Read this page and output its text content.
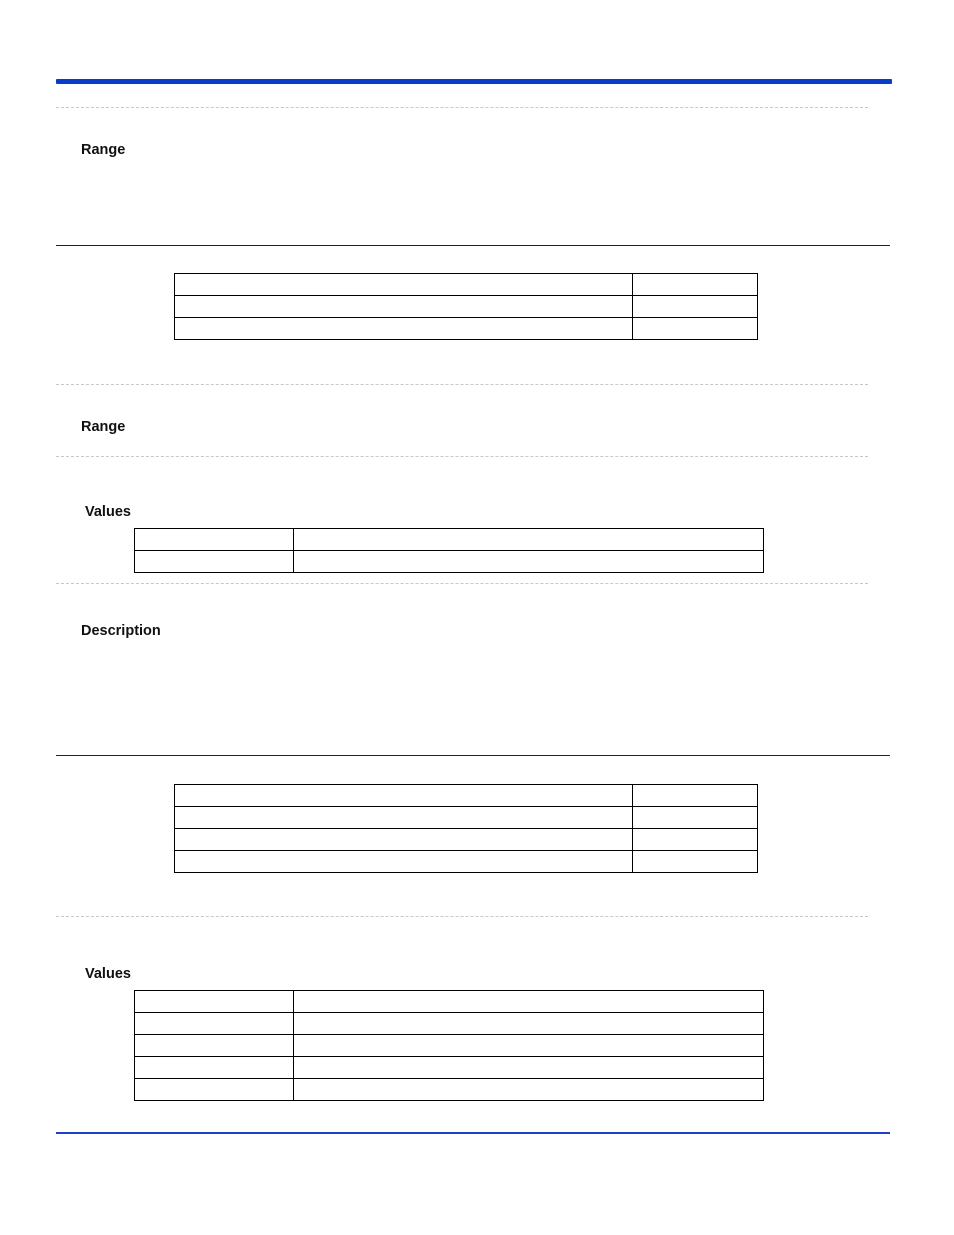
Range

Range
Values

Description

Values
